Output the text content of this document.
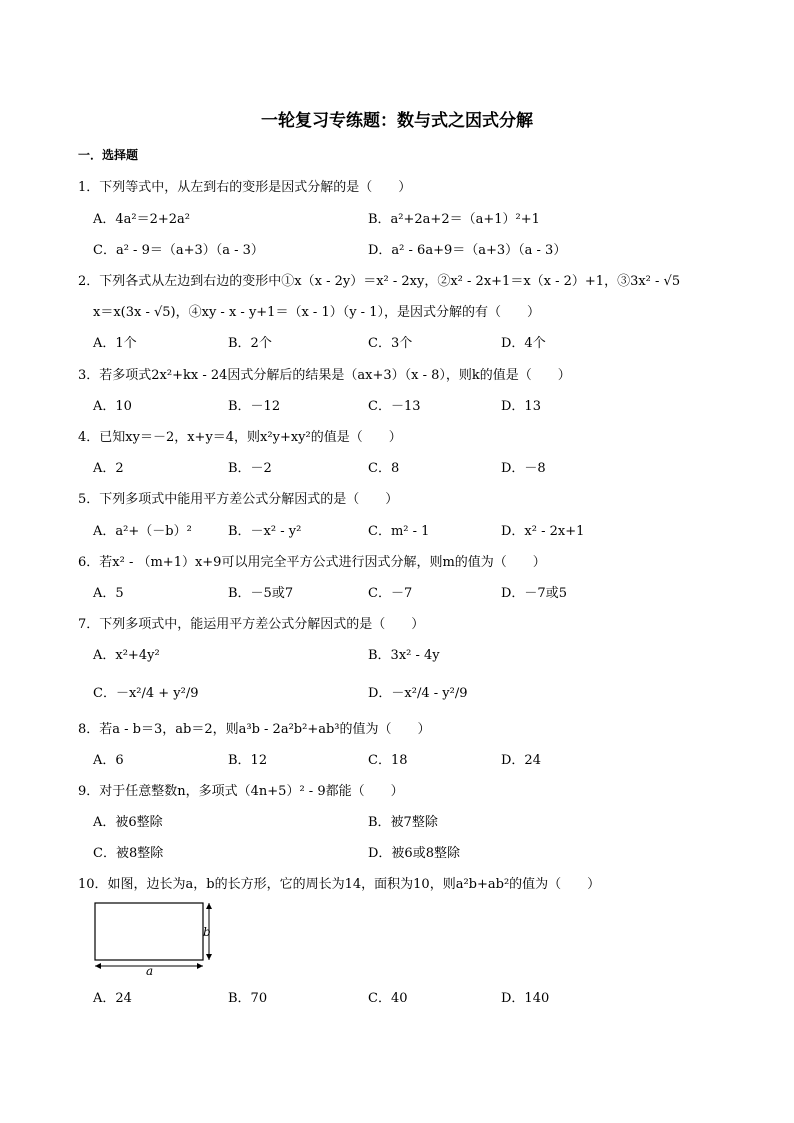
一轮复习专练题：数与式之因式分解
一．选择题
1．下列等式中，从左到右的变形是因式分解的是（　　）
A．4a²＝2+2a²	B．a²+2a+2＝（a+1）²+1
C．a² - 9＝（a+3）（a - 3）	D．a² - 6a+9＝（a+3）（a - 3）
2．下列各式从左边到右边的变形中①x（x - 2y）＝x² - 2xy，②x² - 2x+1＝x（x - 2）+1，③3x² - √5
x＝x(3x - √5)，④xy - x - y+1＝（x - 1）（y - 1），是因式分解的有（　　）
A．1个	B．2个	C．3个	D．4个
3．若多项式2x²+kx - 24因式分解后的结果是（ax+3）（x - 8），则k的值是（　　）
A．10	B．－12	C．－13	D．13
4．已知xy＝－2，x+y＝4，则x²y+xy²的值是（　　）
A．2	B．－2	C．8	D．－8
5．下列多项式中能用平方差公式分解因式的是（　　）
A．a²+（－b）²	B．－x² - y²	C．m² - 1	D．x² - 2x+1
6．若x² - （m+1）x+9可以用完全平方公式进行因式分解，则m的值为（　　）
A．5	B．－5或7	C．－7	D．－7或5
7．下列多项式中，能运用平方差公式分解因式的是（　　）
A．x²+4y²	B．3x² - 4y
C．－x²/4 + y²/9	D．－x²/4 - y²/9
8．若a - b＝3，ab＝2，则a³b - 2a²b²+ab³的值为（　　）
A．6	B．12	C．18	D．24
9．对于任意整数n，多项式（4n+5）² - 9都能（　　）
A．被6整除	B．被7整除
C．被8整除	D．被6或8整除
10．如图，边长为a，b的长方形，它的周长为14，面积为10，则a²b+ab²的值为（　　）
b
a
A．24	B．70	C．40	D．140
